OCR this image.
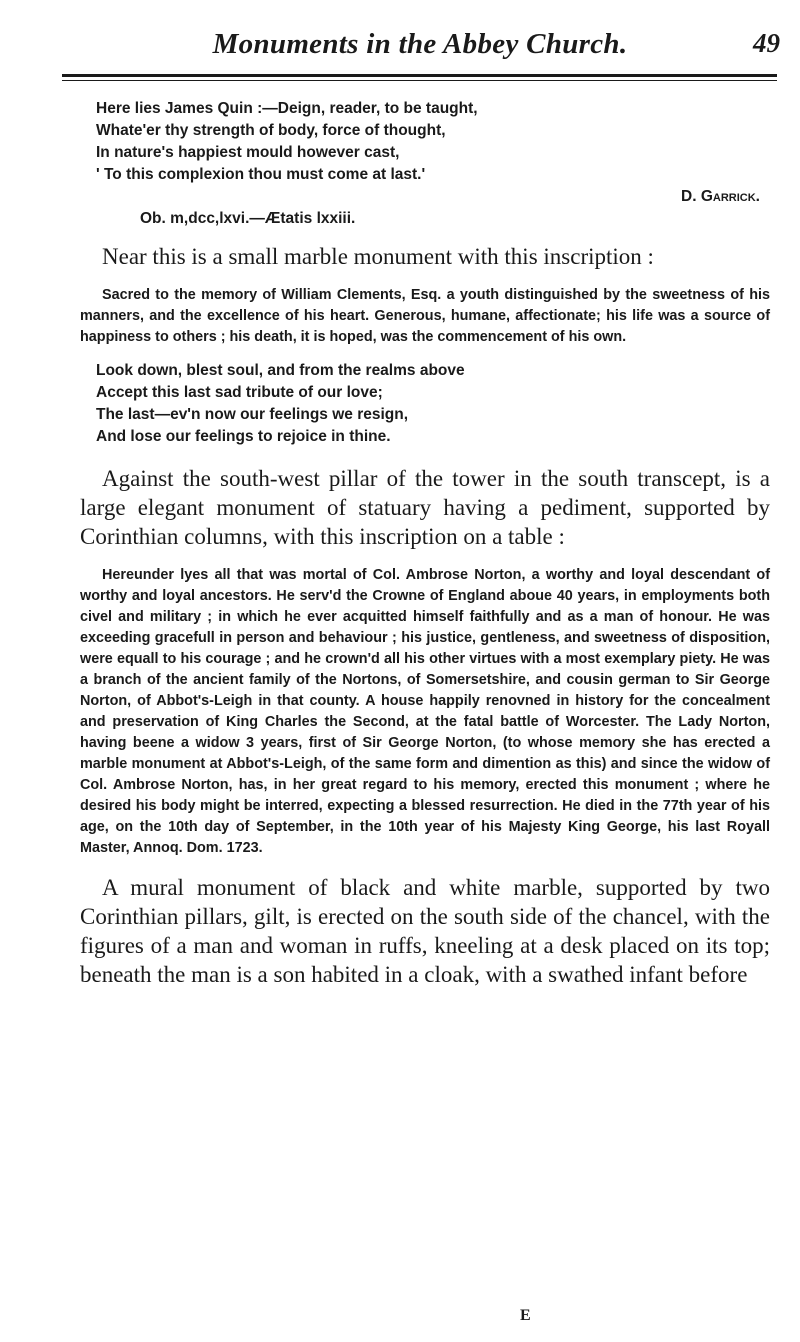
Monuments in the Abbey Church.	49
Here lies James Quin :—Deign, reader, to be taught,
Whate'er thy strength of body, force of thought,
In nature's happiest mould however cast,
' To this complexion thou must come at last.'
D. Garrick.
Ob. m,dcc,lxvi.—Ætatis lxxiii.

Near this is a small marble monument with this inscription :

Sacred to the memory of William Clements, Esq. a youth distinguished by the sweetness of his manners, and the excellence of his heart. Generous, humane, affectionate; his life was a source of happiness to others ; his death, it is hoped, was the commencement of his own.

Look down, blest soul, and from the realms above
Accept this last sad tribute of our love;
The last—ev'n now our feelings we resign,
And lose our feelings to rejoice in thine.

Against the south-west pillar of the tower in the south transcept, is a large elegant monument of statuary having a pediment, supported by Corinthian columns, with this inscription on a table :

Hereunder lyes all that was mortal of Col. Ambrose Norton, a worthy and loyal descendant of worthy and loyal ancestors. He serv'd the Crowne of England aboue 40 years, in employments both civel and military ; in which he ever acquitted himself faithfully and as a man of honour. He was exceeding gracefull in person and behaviour ; his justice, gentleness, and sweetness of disposition, were equall to his courage ; and he crown'd all his other virtues with a most exemplary piety. He was a branch of the ancient family of the Nortons, of Somersetshire, and cousin german to Sir George Norton, of Abbot's-Leigh in that county. A house happily renovned in history for the concealment and preservation of King Charles the Second, at the fatal battle of Worcester. The Lady Norton, having beene a widow 3 years, first of Sir George Norton, (to whose memory she has erected a marble monument at Abbot's-Leigh, of the same form and dimention as this) and since the widow of Col. Ambrose Norton, has, in her great regard to his memory, erected this monument ; where he desired his body might be interred, expecting a blessed resurrection. He died in the 77th year of his age, on the 10th day of September, in the 10th year of his Majesty King George, his last Royall Master, Annoq. Dom. 1723.

A mural monument of black and white marble, supported by two Corinthian pillars, gilt, is erected on the south side of the chancel, with the figures of a man and woman in ruffs, kneeling at a desk placed on its top; beneath the man is a son habited in a cloak, with a swathed infant before

E
